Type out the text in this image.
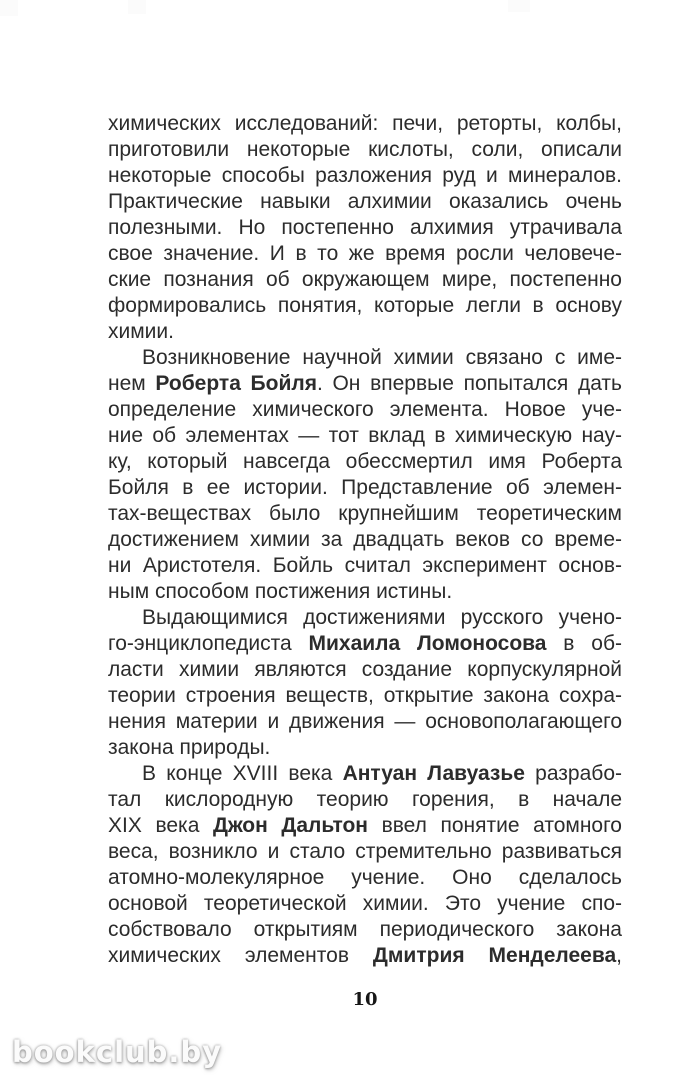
химических исследований: печи, реторты, колбы,
приготовили некоторые кислоты, соли, описали
некоторые способы разложения руд и минералов.
Практические навыки алхимии оказались очень
полезными. Но постепенно алхимия утрачивала
свое значение. И в то же время росли человече-
ские познания об окружающем мире, постепенно
формировались понятия, которые легли в основу
химии.
Возникновение научной химии связано с име-
нем Роберта Бойля. Он впервые попытался дать
определение химического элемента. Новое уче-
ние об элементах — тот вклад в химическую нау-
ку, который навсегда обессмертил имя Роберта
Бойля в ее истории. Представление об элемен-
тах-веществах было крупнейшим теоретическим
достижением химии за двадцать веков со време-
ни Аристотеля. Бойль считал эксперимент основ-
ным способом постижения истины.
Выдающимися достижениями русского учено-
го-энциклопедиста Михаила Ломоносова в об-
ласти химии являются создание корпускулярной
теории строения веществ, открытие закона сохра-
нения материи и движения — основополагающего
закона природы.
В конце XVIII века Антуан Лавуазье разрабо-
тал кислородную теорию горения, в начале
XIX века Джон Дальтон ввел понятие атомного
веса, возникло и стало стремительно развиваться
атомно-молекулярное учение. Оно сделалось
основой теоретической химии. Это учение спо-
собствовало открытиям периодического закона
химических элементов Дмитрия Менделеева,
10
bookclub.by
